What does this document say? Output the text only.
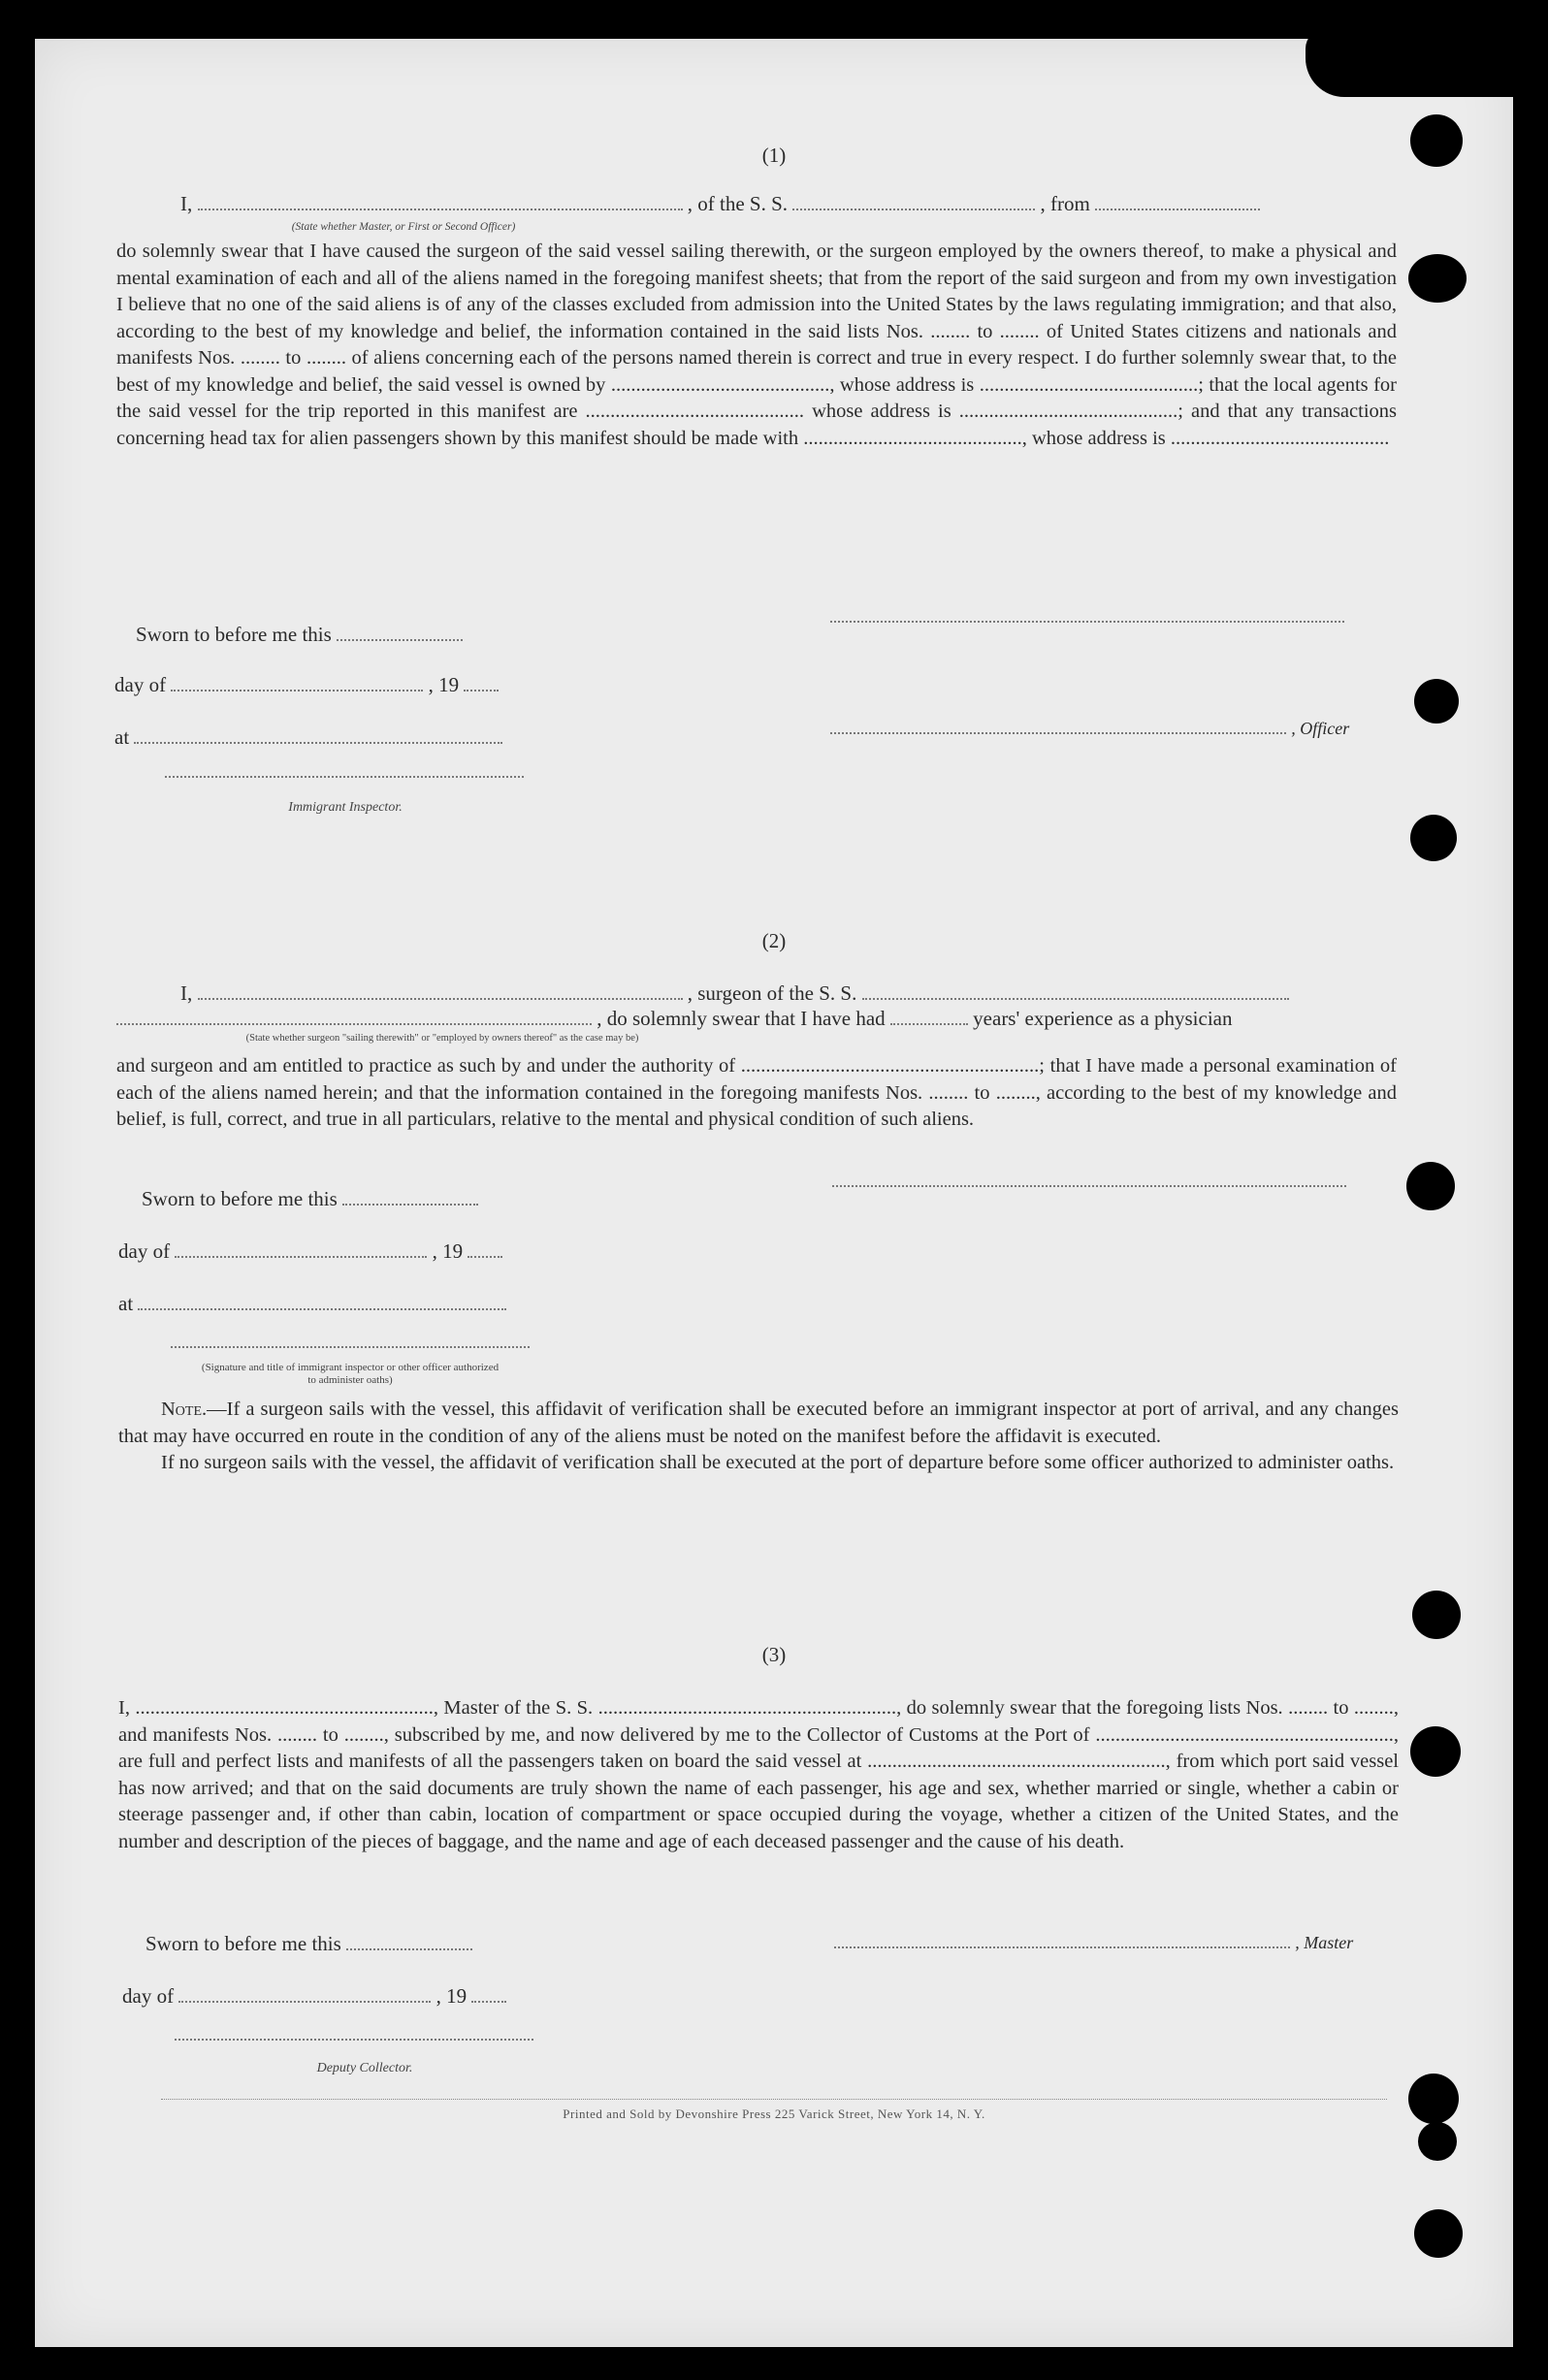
(1)
I,	, of the S. S.	, from
(State whether Master, or First or Second Officer)

do solemnly swear that I have caused the surgeon of the said vessel sailing therewith, or the surgeon employed by the owners thereof, to make a physical and mental examination of each and all of the aliens named in the foregoing manifest sheets; that from the report of the said surgeon and from my own investigation I believe that no one of the said aliens is of any of the classes excluded from admission into the United States by the laws regulating immigration; and that also, according to the best of my knowledge and belief, the information contained in the said lists Nos. ........ to ........ of United States citizens and nationals and manifests Nos. ........ to ........ of aliens concerning each of the persons named therein is correct and true in every respect. I do further solemnly swear that, to the best of my knowledge and belief, the said vessel is owned by ............................................, whose address is ............................................; that the local agents for the said vessel for the trip reported in this manifest are ............................................ whose address is ............................................; and that any transactions concerning head tax for alien passengers shown by this manifest should be made with ............................................, whose address is ............................................

Sworn to before me this
day of	, 19
at	, Officer
Immigrant Inspector.
(2)
I,	, surgeon of the S. S.
, do solemnly swear that I have had	years' experience as a physician
(State whether surgeon "sailing therewith" or "employed by owners thereof" as the case may be)

and surgeon and am entitled to practice as such by and under the authority of ............................................................; that I have made a personal examination of each of the aliens named herein; and that the information contained in the foregoing manifests Nos. ........ to ........, according to the best of my knowledge and belief, is full, correct, and true in all particulars, relative to the mental and physical condition of such aliens.

Sworn to before me this
day of	, 19
at
(Signature and title of immigrant inspector or other officer authorized to administer oaths)

Note.—If a surgeon sails with the vessel, this affidavit of verification shall be executed before an immigrant inspector at port of arrival, and any changes that may have occurred en route in the condition of any of the aliens must be noted on the manifest before the affidavit is executed.

If no surgeon sails with the vessel, the affidavit of verification shall be executed at the port of departure before some officer authorized to administer oaths.

(3)

I, ............................................................, Master of the S. S. ............................................................, do solemnly swear that the foregoing lists Nos. ........ to ........, and manifests Nos. ........ to ........, subscribed by me, and now delivered by me to the Collector of Customs at the Port of ............................................................, are full and perfect lists and manifests of all the passengers taken on board the said vessel at ............................................................, from which port said vessel has now arrived; and that on the said documents are truly shown the name of each passenger, his age and sex, whether married or single, whether a cabin or steerage passenger and, if other than cabin, location of compartment or space occupied during the voyage, whether a citizen of the United States, and the number and description of the pieces of baggage, and the name and age of each deceased passenger and the cause of his death.

Sworn to before me this	, Master
day of	, 19
Deputy Collector.
Printed and Sold by Devonshire Press 225 Varick Street, New York 14, N. Y.
